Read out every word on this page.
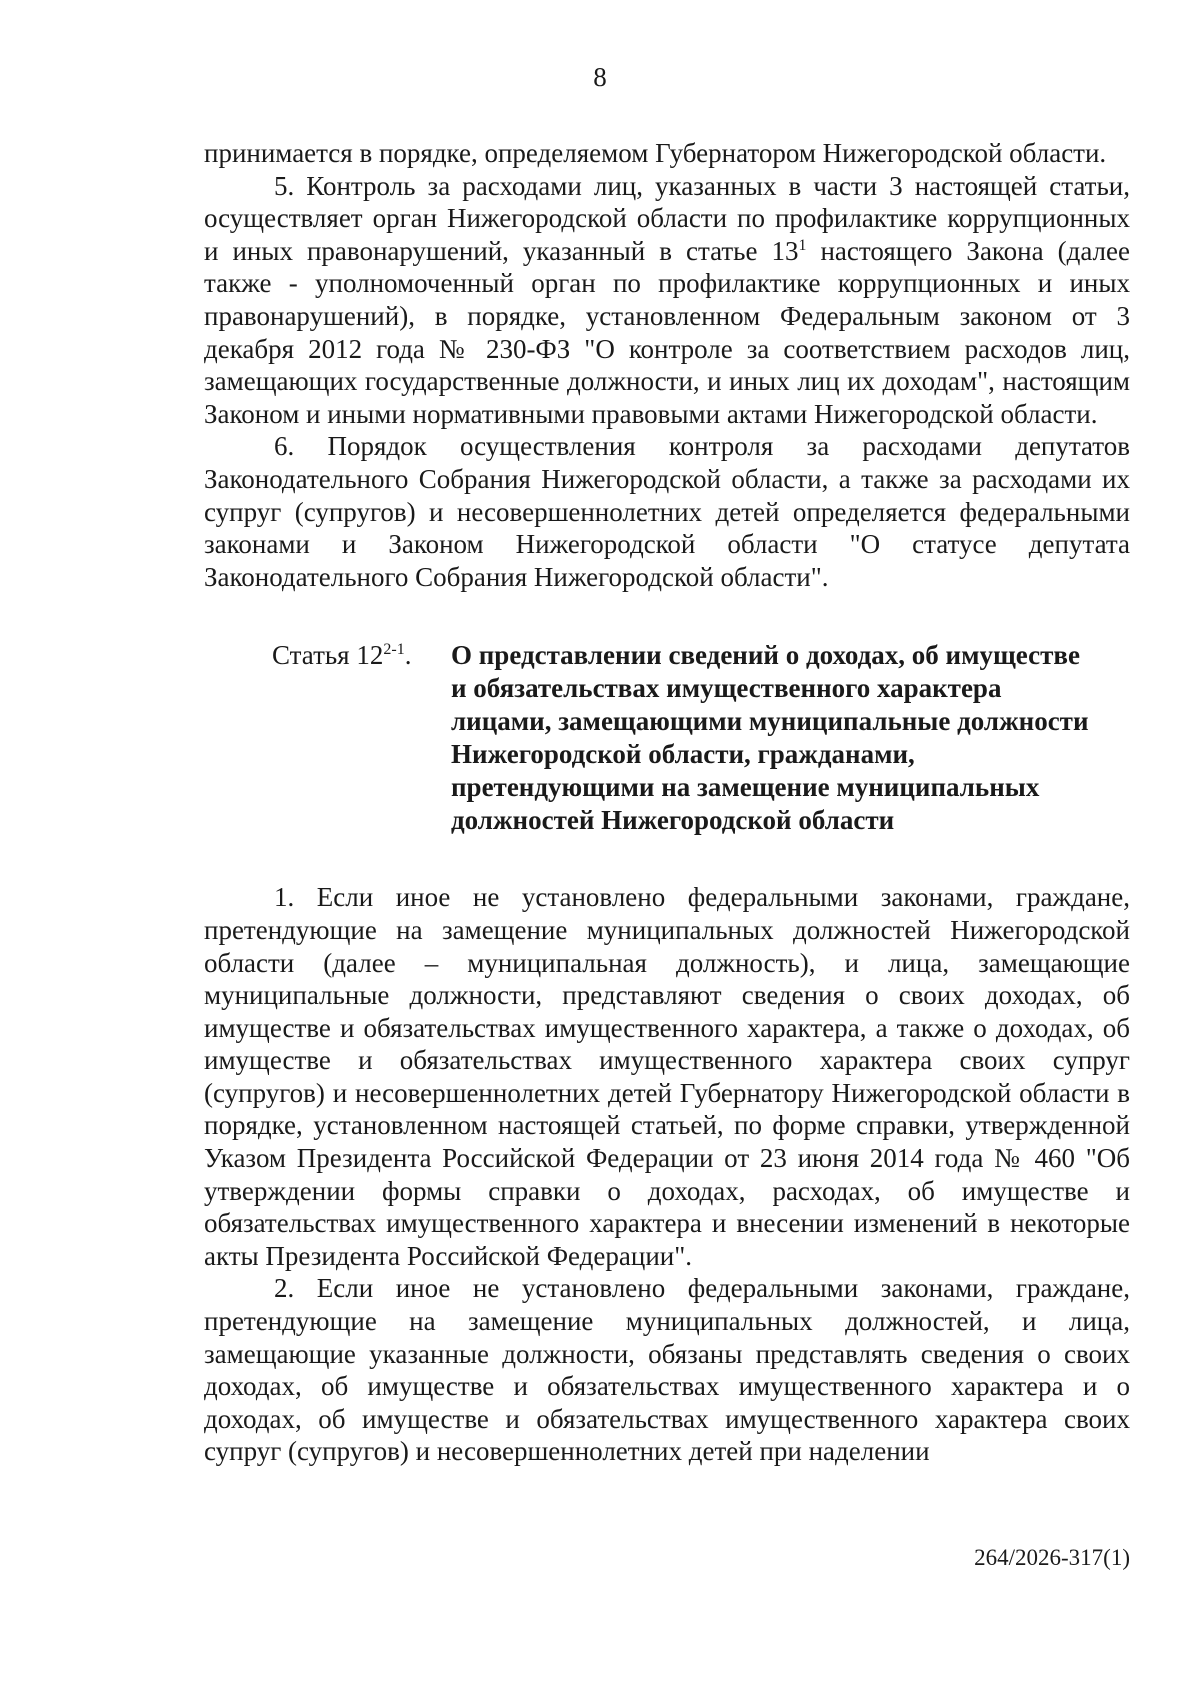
8

принимается в порядке, определяемом Губернатором Нижегородской области.

5. Контроль за расходами лиц, указанных в части 3 настоящей статьи, осуществляет орган Нижегородской области по профилактике коррупционных и иных правонарушений, указанный в статье $13^1$ настоящего Закона (далее также - уполномоченный орган по профилактике коррупционных и иных правонарушений), в порядке, установленном Федеральным законом от 3 декабря 2012 года № 230-ФЗ "О контроле за соответствием расходов лиц, замещающих государственные должности, и иных лиц их доходам", настоящим Законом и иными нормативными правовыми актами Нижегородской области.

6. Порядок осуществления контроля за расходами депутатов Законодательного Собрания Нижегородской области, а также за расходами их супруг (супругов) и несовершеннолетних детей определяется федеральными законами и Законом Нижегородской области "О статусе депутата Законодательного Собрания Нижегородской области".

Статья 12$^{2-1}$.	О представлении сведений о доходах, об имуществе и обязательствах имущественного характера лицами, замещающими муниципальные должности Нижегородской области, гражданами, претендующими на замещение муниципальных должностей Нижегородской области

1. Если иное не установлено федеральными законами, граждане, претендующие на замещение муниципальных должностей Нижегородской области (далее – муниципальная должность), и лица, замещающие муниципальные должности, представляют сведения о своих доходах, об имуществе и обязательствах имущественного характера, а также о доходах, об имуществе и обязательствах имущественного характера своих супруг (супругов) и несовершеннолетних детей Губернатору Нижегородской области в порядке, установленном настоящей статьей, по форме справки, утвержденной Указом Президента Российской Федерации от 23 июня 2014 года № 460 "Об утверждении формы справки о доходах, расходах, об имуществе и обязательствах имущественного характера и внесении изменений в некоторые акты Президента Российской Федерации".

2. Если иное не установлено федеральными законами, граждане, претендующие на замещение муниципальных должностей, и лица, замещающие указанные должности, обязаны представлять сведения о своих доходах, об имуществе и обязательствах имущественного характера и о доходах, об имуществе и обязательствах имущественного характера своих супруг (супругов) и несовершеннолетних детей при наделении

264/2026-317(1)
